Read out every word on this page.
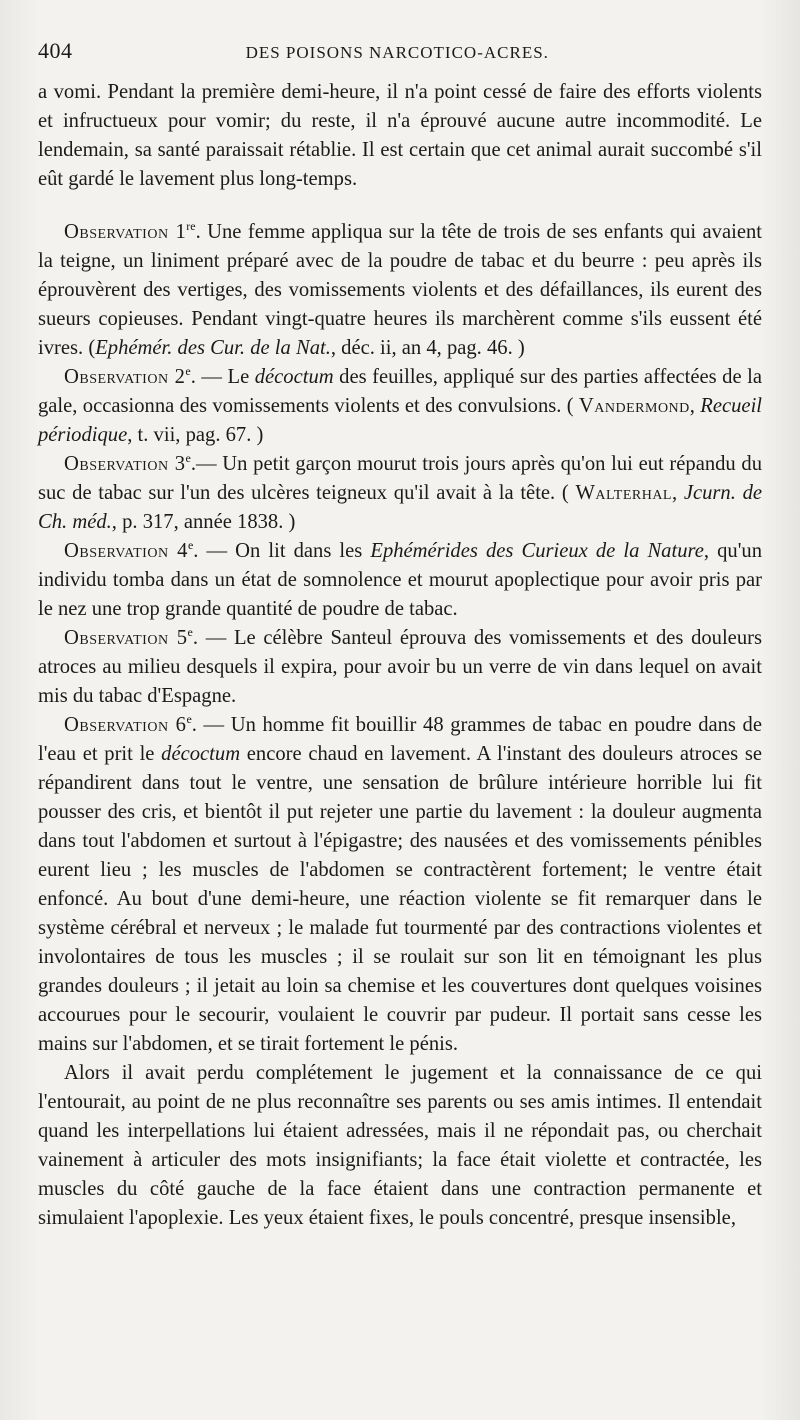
404	DES POISONS NARCOTICO-ACRES.

a vomi. Pendant la première demi-heure, il n'a point cessé de faire des efforts violents et infructueux pour vomir; du reste, il n'a éprouvé aucune autre incommodité. Le lendemain, sa santé paraissait rétablie. Il est certain que cet animal aurait succombé s'il eût gardé le lavement plus long-temps.

Observation 1re. Une femme appliqua sur la tête de trois de ses enfants qui avaient la teigne, un liniment préparé avec de la poudre de tabac et du beurre : peu après ils éprouvèrent des vertiges, des vomissements violents et des défaillances, ils eurent des sueurs copieuses. Pendant vingt-quatre heures ils marchèrent comme s'ils eussent été ivres. (Ephémér. des Cur. de la Nat., déc. ii, an 4, pag. 46. )

Observation 2e. — Le décoctum des feuilles, appliqué sur des parties affectées de la gale, occasionna des vomissements violents et des convulsions. ( Vandermond, Recueil périodique, t. vii, pag. 67. )

Observation 3e.— Un petit garçon mourut trois jours après qu'on lui eut répandu du suc de tabac sur l'un des ulcères teigneux qu'il avait à la tête. ( Walterhal, Jcurn. de Ch. méd., p. 317, année 1838. )

Observation 4e. — On lit dans les Ephémérides des Curieux de la Nature, qu'un individu tomba dans un état de somnolence et mourut apoplectique pour avoir pris par le nez une trop grande quantité de poudre de tabac.

Observation 5e. — Le célèbre Santeul éprouva des vomissements et des douleurs atroces au milieu desquels il expira, pour avoir bu un verre de vin dans lequel on avait mis du tabac d'Espagne.

Observation 6e. — Un homme fit bouillir 48 grammes de tabac en poudre dans de l'eau et prit le décoctum encore chaud en lavement. A l'instant des douleurs atroces se répandirent dans tout le ventre, une sensation de brûlure intérieure horrible lui fit pousser des cris, et bientôt il put rejeter une partie du lavement : la douleur augmenta dans tout l'abdomen et surtout à l'épigastre; des nausées et des vomissements pénibles eurent lieu ; les muscles de l'abdomen se contractèrent fortement; le ventre était enfoncé. Au bout d'une demi-heure, une réaction violente se fit remarquer dans le système cérébral et nerveux ; le malade fut tourmenté par des contractions violentes et involontaires de tous les muscles ; il se roulait sur son lit en témoignant les plus grandes douleurs ; il jetait au loin sa chemise et les couvertures dont quelques voisines accourues pour le secourir, voulaient le couvrir par pudeur. Il portait sans cesse les mains sur l'abdomen, et se tirait fortement le pénis.

Alors il avait perdu complétement le jugement et la connaissance de ce qui l'entourait, au point de ne plus reconnaître ses parents ou ses amis intimes. Il entendait quand les interpellations lui étaient adressées, mais il ne répondait pas, ou cherchait vainement à articuler des mots insignifiants; la face était violette et contractée, les muscles du côté gauche de la face étaient dans une contraction permanente et simulaient l'apoplexie. Les yeux étaient fixes, le pouls concentré, presque insensible,
